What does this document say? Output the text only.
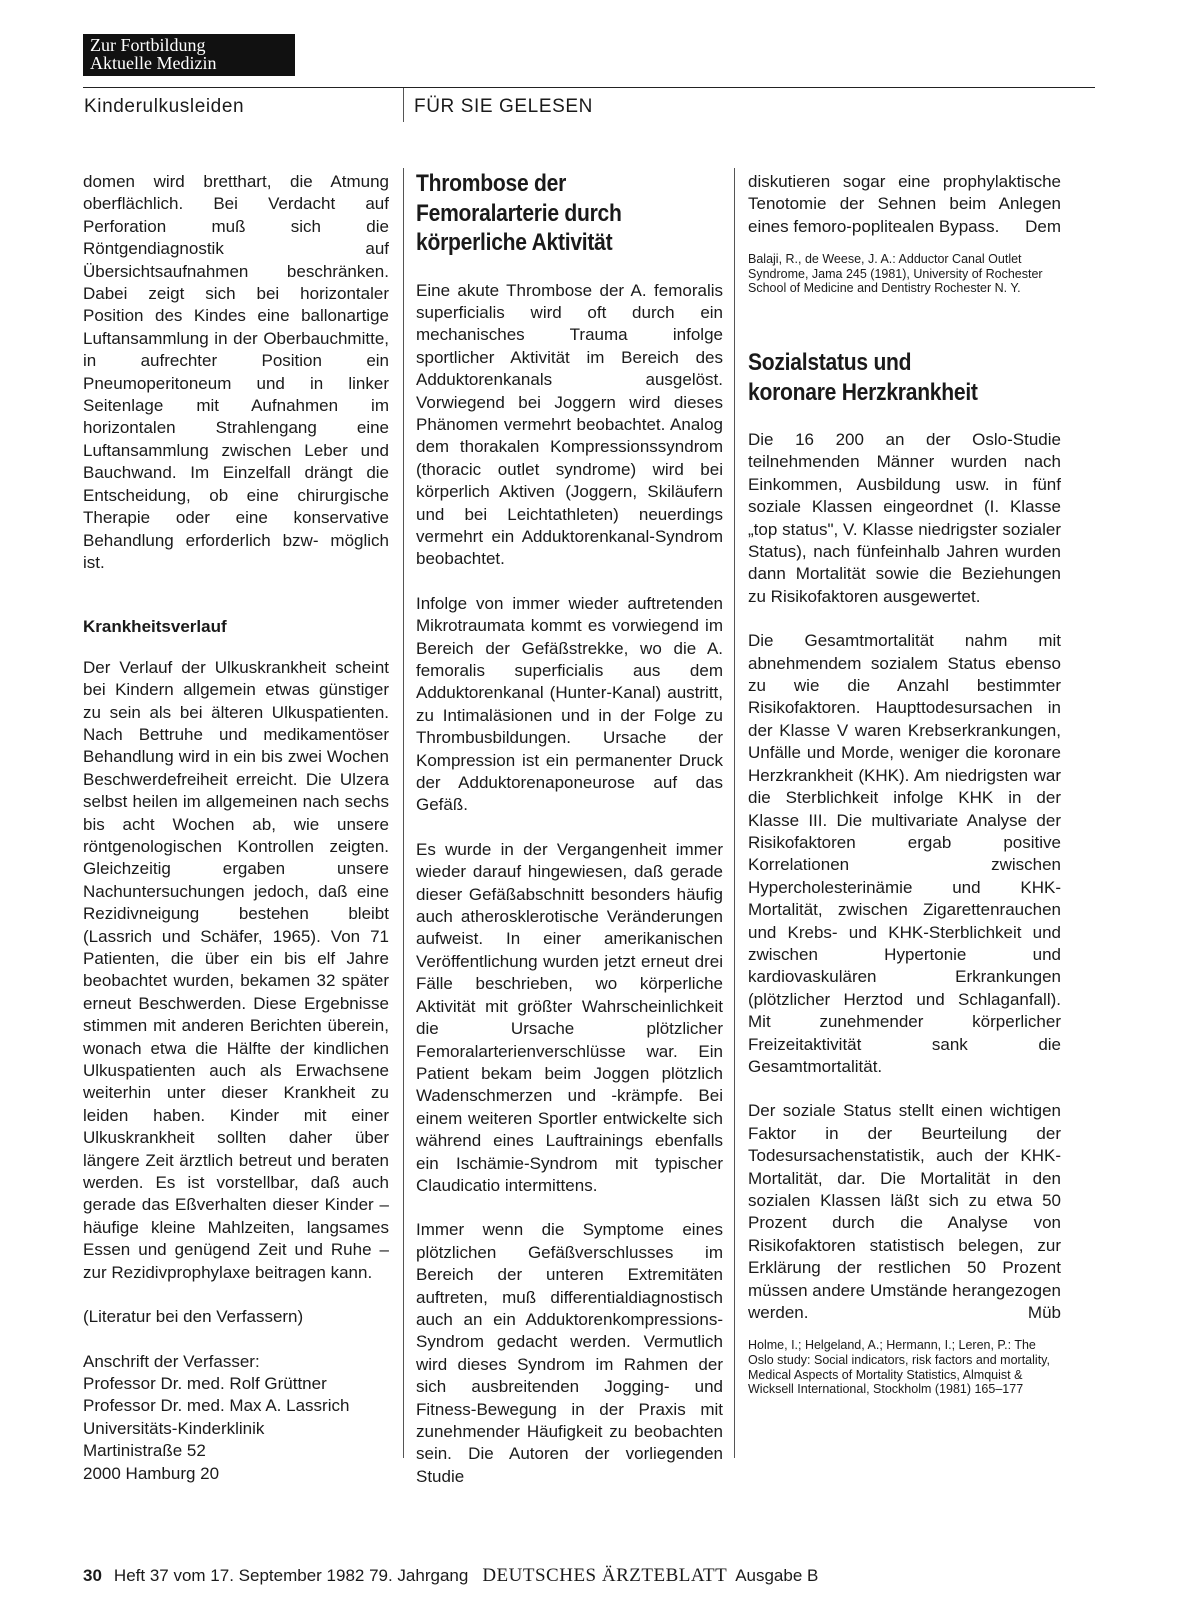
Zur Fortbildung
Aktuelle Medizin
Kinderulkusleiden	FÜR SIE GELESEN

domen wird bretthart, die Atmung oberflächlich. Bei Verdacht auf Perforation muß sich die Röntgendiagnostik auf Übersichtsaufnahmen beschränken. Dabei zeigt sich bei horizontaler Position des Kindes eine ballonartige Luftansammlung in der Oberbauchmitte, in aufrechter Position ein Pneumoperitoneum und in linker Seitenlage mit Aufnahmen im horizontalen Strahlengang eine Luftansammlung zwischen Leber und Bauchwand. Im Einzelfall drängt die Entscheidung, ob eine chirurgische Therapie oder eine konservative Behandlung erforderlich bzw- möglich ist.

Krankheitsverlauf

Der Verlauf der Ulkuskrankheit scheint bei Kindern allgemein etwas günstiger zu sein als bei älteren Ulkuspatienten. Nach Bettruhe und medikamentöser Behandlung wird in ein bis zwei Wochen Beschwerdefreiheit erreicht. Die Ulzera selbst heilen im allgemeinen nach sechs bis acht Wochen ab, wie unsere röntgenologischen Kontrollen zeigten. Gleichzeitig ergaben unsere Nachuntersuchungen jedoch, daß eine Rezidivneigung bestehen bleibt (Lassrich und Schäfer, 1965). Von 71 Patienten, die über ein bis elf Jahre beobachtet wurden, bekamen 32 später erneut Beschwerden. Diese Ergebnisse stimmen mit anderen Berichten überein, wonach etwa die Hälfte der kindlichen Ulkuspatienten auch als Erwachsene weiterhin unter dieser Krankheit zu leiden haben. Kinder mit einer Ulkuskrankheit sollten daher über längere Zeit ärztlich betreut und beraten werden. Es ist vorstellbar, daß auch gerade das Eßverhalten dieser Kinder – häufige kleine Mahlzeiten, langsames Essen und genügend Zeit und Ruhe – zur Rezidivprophylaxe beitragen kann.

(Literatur bei den Verfassern)

Anschrift der Verfasser:
Professor Dr. med. Rolf Grüttner
Professor Dr. med. Max A. Lassrich
Universitäts-Kinderklinik
Martinistraße 52
2000 Hamburg 20
Thrombose der
Femoralarterie durch
körperliche Aktivität

Eine akute Thrombose der A. femoralis superficialis wird oft durch ein mechanisches Trauma infolge sportlicher Aktivität im Bereich des Adduktorenkanals ausgelöst. Vorwiegend bei Joggern wird dieses Phänomen vermehrt beobachtet. Analog dem thorakalen Kompressionssyndrom (thoracic outlet syndrome) wird bei körperlich Aktiven (Joggern, Skiläufern und bei Leichtathleten) neuerdings vermehrt ein Adduktorenkanal-Syndrom beobachtet.

Infolge von immer wieder auftretenden Mikrotraumata kommt es vorwiegend im Bereich der Gefäßstrekke, wo die A. femoralis superficialis aus dem Adduktorenkanal (Hunter-Kanal) austritt, zu Intimaläsionen und in der Folge zu Thrombusbildungen. Ursache der Kompression ist ein permanenter Druck der Adduktorenaponeurose auf das Gefäß.

Es wurde in der Vergangenheit immer wieder darauf hingewiesen, daß gerade dieser Gefäßabschnitt besonders häufig auch atherosklerotische Veränderungen aufweist. In einer amerikanischen Veröffentlichung wurden jetzt erneut drei Fälle beschrieben, wo körperliche Aktivität mit größter Wahrscheinlichkeit die Ursache plötzlicher Femoralarterienverschlüsse war. Ein Patient bekam beim Joggen plötzlich Wadenschmerzen und -krämpfe. Bei einem weiteren Sportler entwickelte sich während eines Lauftrainings ebenfalls ein Ischämie-Syndrom mit typischer Claudicatio intermittens.

Immer wenn die Symptome eines plötzlichen Gefäßverschlusses im Bereich der unteren Extremitäten auftreten, muß differentialdiagnostisch auch an ein Adduktorenkompressions-Syndrom gedacht werden. Vermutlich wird dieses Syndrom im Rahmen der sich ausbreitenden Jogging- und Fitness-Bewegung in der Praxis mit zunehmender Häufigkeit zu beobachten sein. Die Autoren der vorliegenden Studie

diskutieren sogar eine prophylaktische Tenotomie der Sehnen beim Anlegen eines femoro-poplitealen Bypass. Dem

Balaji, R., de Weese, J. A.: Adductor Canal Outlet Syndrome, Jama 245 (1981), University of Rochester School of Medicine and Dentistry Rochester N. Y.

Sozialstatus und
koronare Herzkrankheit

Die 16 200 an der Oslo-Studie teilnehmenden Männer wurden nach Einkommen, Ausbildung usw. in fünf soziale Klassen eingeordnet (I. Klasse „top status", V. Klasse niedrigster sozialer Status), nach fünfeinhalb Jahren wurden dann Mortalität sowie die Beziehungen zu Risikofaktoren ausgewertet.

Die Gesamtmortalität nahm mit abnehmendem sozialem Status ebenso zu wie die Anzahl bestimmter Risikofaktoren. Haupttodesursachen in der Klasse V waren Krebserkrankungen, Unfälle und Morde, weniger die koronare Herzkrankheit (KHK). Am niedrigsten war die Sterblichkeit infolge KHK in der Klasse III. Die multivariate Analyse der Risikofaktoren ergab positive Korrelationen zwischen Hypercholesterinämie und KHK-Mortalität, zwischen Zigarettenrauchen und Krebs- und KHK-Sterblichkeit und zwischen Hypertonie und kardiovaskulären Erkrankungen (plötzlicher Herztod und Schlaganfall). Mit zunehmender körperlicher Freizeitaktivität sank die Gesamtmortalität.

Der soziale Status stellt einen wichtigen Faktor in der Beurteilung der Todesursachenstatistik, auch der KHK-Mortalität, dar. Die Mortalität in den sozialen Klassen läßt sich zu etwa 50 Prozent durch die Analyse von Risikofaktoren statistisch belegen, zur Erklärung der restlichen 50 Prozent müssen andere Umstände herangezogen werden.	Müb

Holme, I.; Helgeland, A.; Hermann, I.; Leren, P.: The Oslo study: Social indicators, risk factors and mortality, Medical Aspects of Mortality Statistics, Almquist & Wicksell International, Stockholm (1981) 165–177

30 Heft 37 vom 17. September 1982 79. Jahrgang DEUTSCHES ÄRZTEBLATT Ausgabe B
